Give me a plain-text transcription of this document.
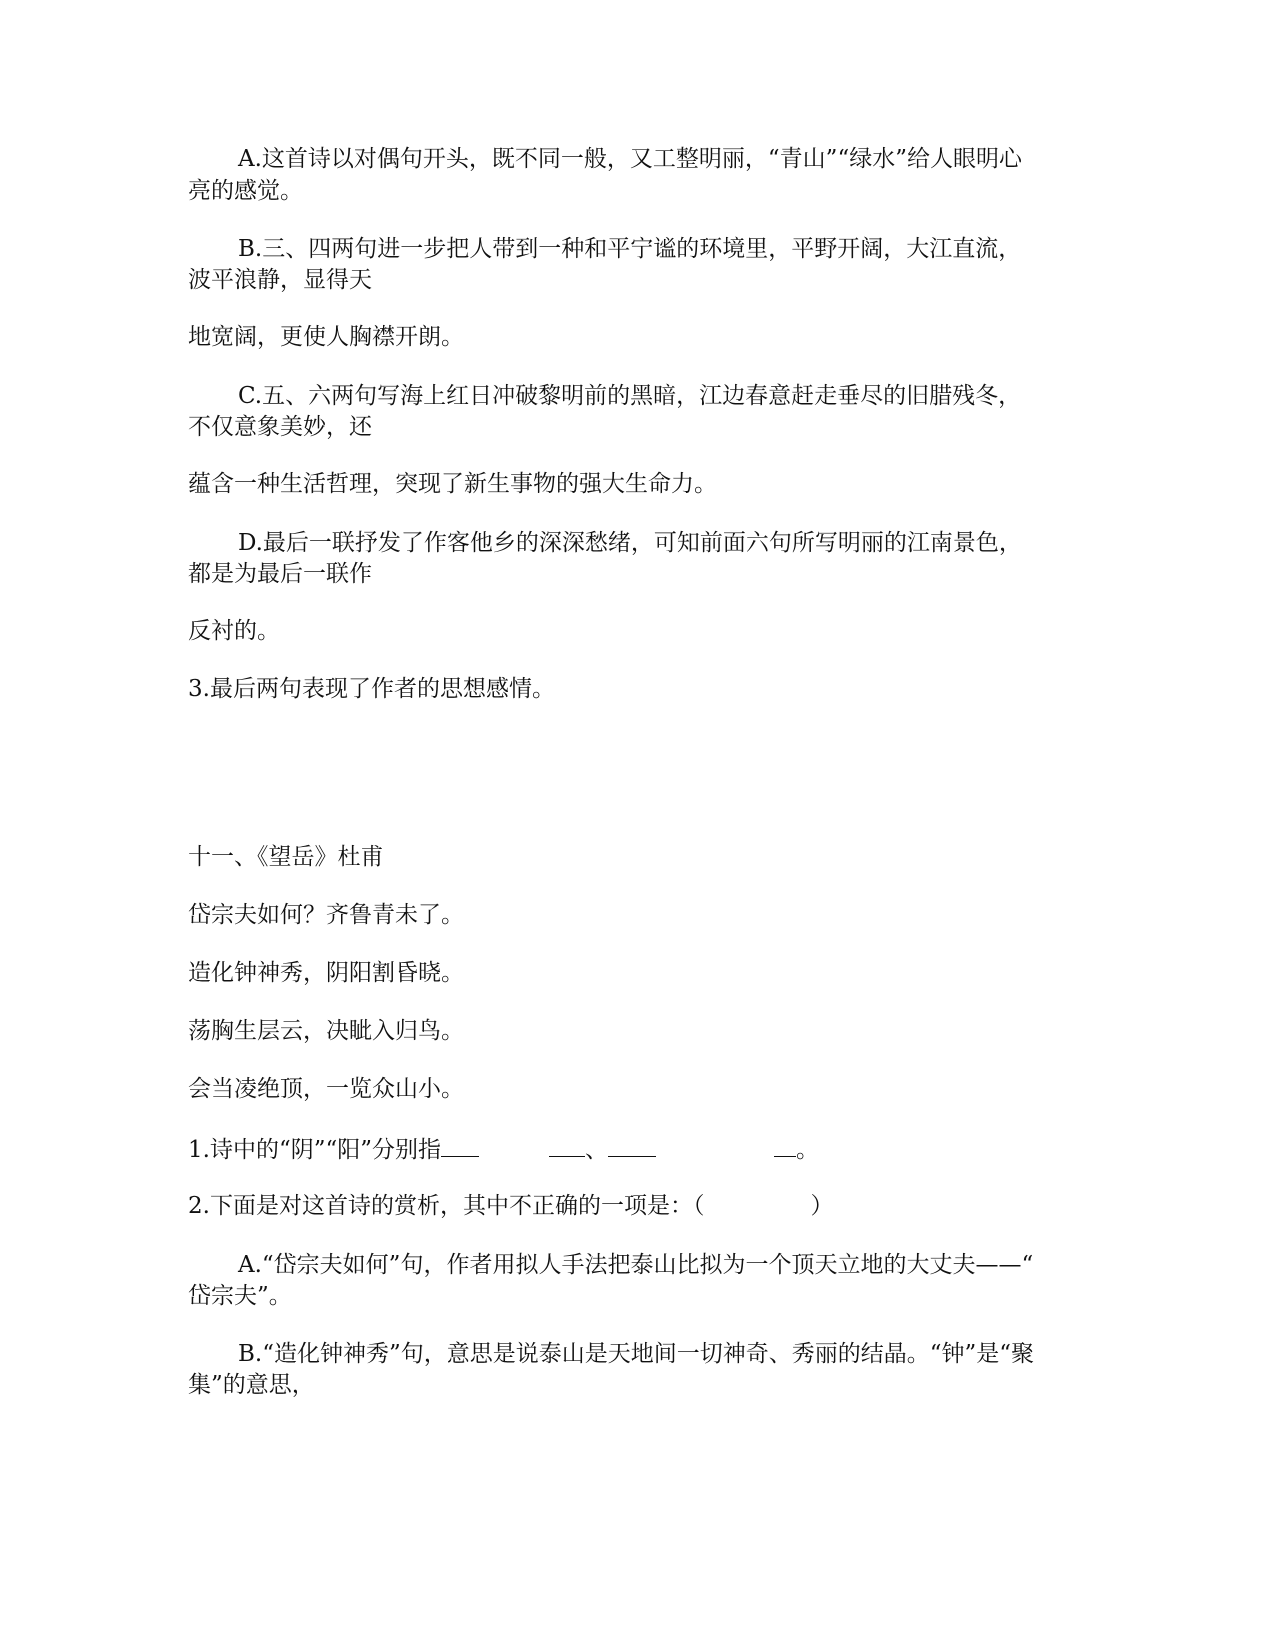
A.这首诗以对偶句开头，既不同一般，又工整明丽，“青山”“绿水”给人眼明心
亮的感觉。
B.三、四两句进一步把人带到一种和平宁谧的环境里，平野开阔，大江直流，
波平浪静，显得天
地宽阔，更使人胸襟开朗。
C.五、六两句写海上红日冲破黎明前的黑暗，江边春意赶走垂尽的旧腊残冬，
不仅意象美妙，还
蕴含一种生活哲理，突现了新生事物的强大生命力。
D.最后一联抒发了作客他乡的深深愁绪，可知前面六句所写明丽的江南景色，
都是为最后一联作
反衬的。
3.最后两句表现了作者的思想感情。
十一、《望岳》杜甫
岱宗夫如何？齐鲁青未了。
造化钟神秀，阴阳割昏晓。
荡胸生层云，决眦入归鸟。
会当凌绝顶，一览众山小。
1.诗中的“阴”“阳”分别指	、	。
2.下面是对这首诗的赏析，其中不正确的一项是：（	）
A.“岱宗夫如何”句，作者用拟人手法把泰山比拟为一个顶天立地的大丈夫——“
岱宗夫”。
B.“造化钟神秀”句，意思是说泰山是天地间一切神奇、秀丽的结晶。“钟”是“聚
集”的意思，
